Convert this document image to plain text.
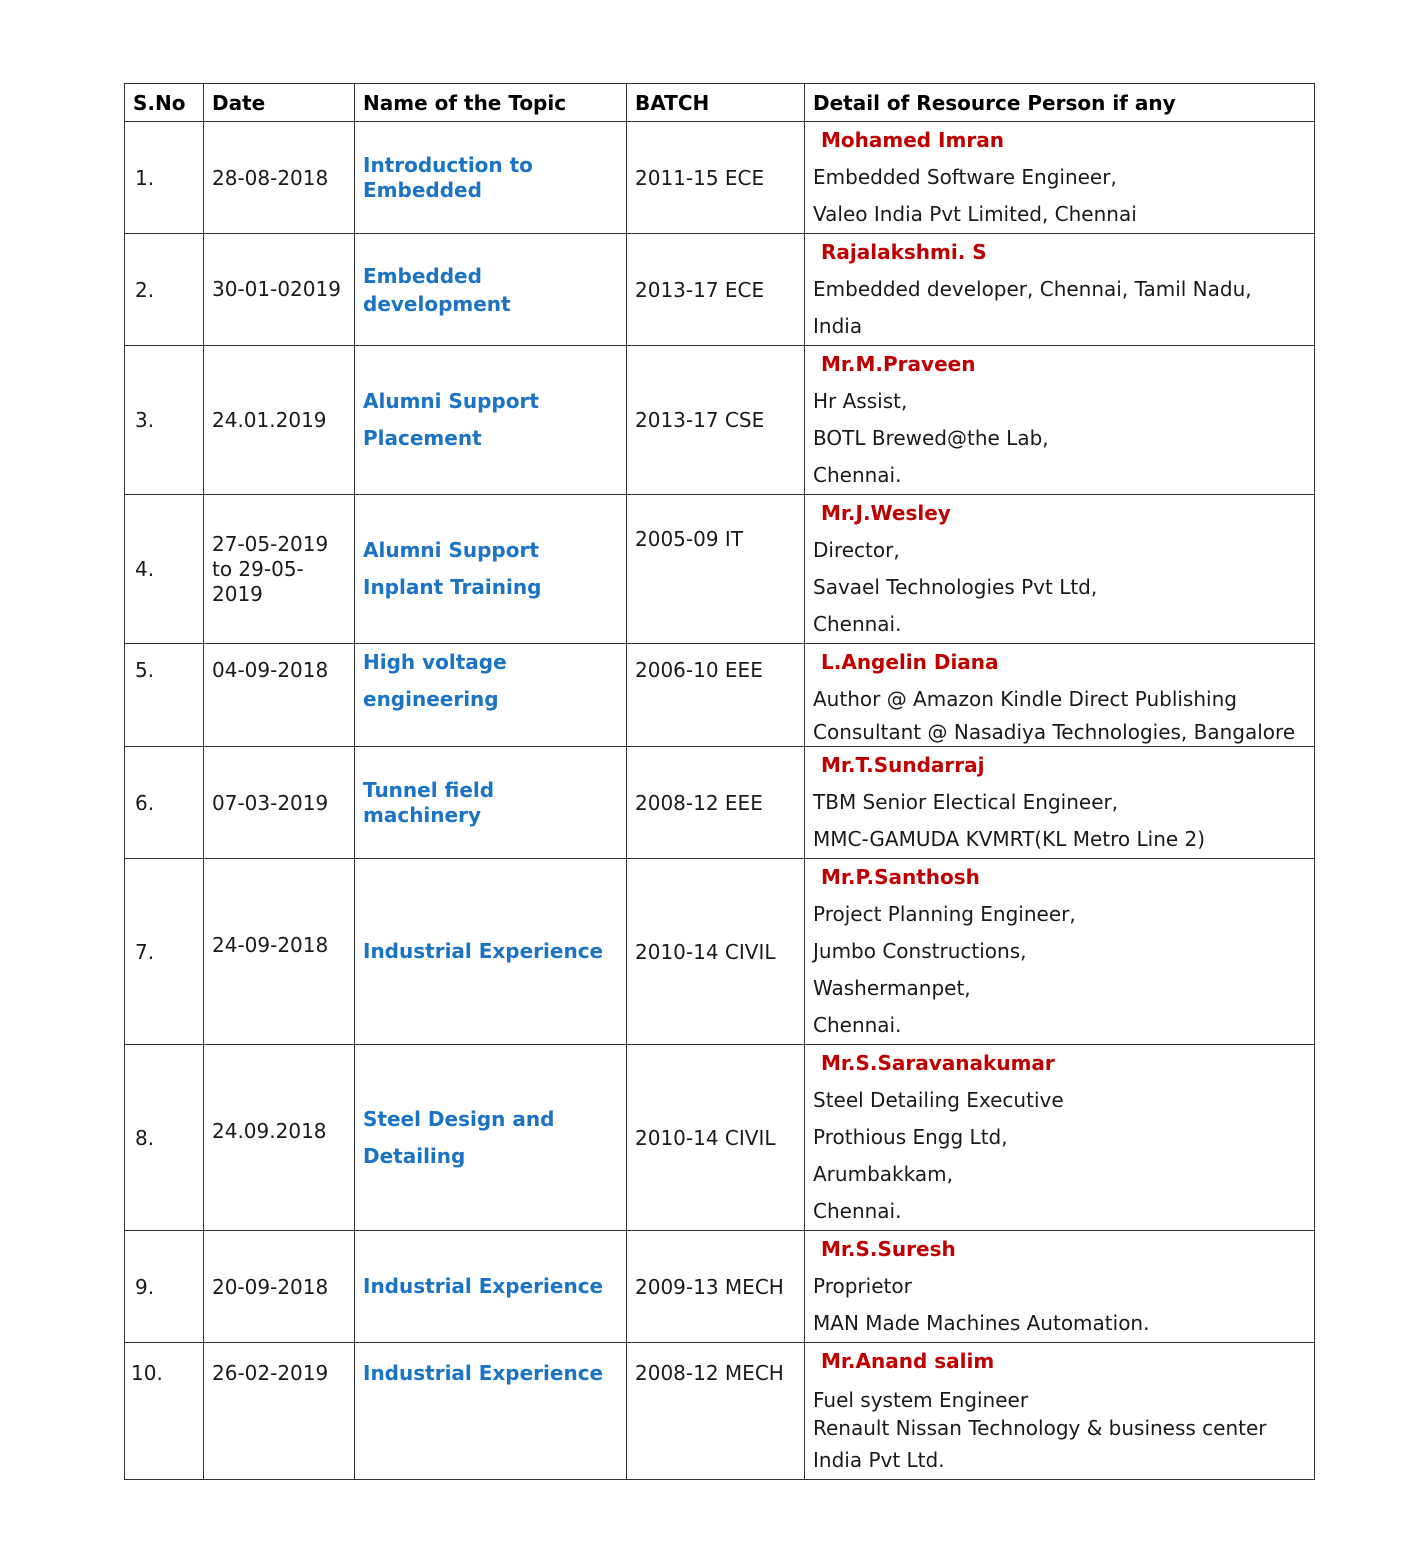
S.No	Date	Name of the Topic	BATCH	Detail of Resource Person if any
1.	28-08-2018	Introduction to Embedded	2011-15 ECE	Mohamed Imran
Embedded Software Engineer,
Valeo India Pvt Limited, Chennai

2.	30-01-02019	Embedded development	2013-17 ECE	Rajalakshmi. S
Embedded developer, Chennai, Tamil Nadu, India

3.	24.01.2019	Alumni Support Placement	2013-17 CSE	Mr.M.Praveen
Hr Assist,
BOTL Brewed@the Lab,
Chennai.

4.	27-05-2019 to 29-05-2019	Alumni Support Inplant Training	2005-09 IT	Mr.J.Wesley
Director,
Savael Technologies Pvt Ltd,
Chennai.

5.	04-09-2018	High voltage engineering	2006-10 EEE	L.Angelin Diana
Author @ Amazon Kindle Direct Publishing
Consultant @ Nasadiya Technologies, Bangalore

6.	07-03-2019	Tunnel field machinery	2008-12 EEE	Mr.T.Sundarraj
TBM Senior Electical Engineer,
MMC-GAMUDA KVMRT(KL Metro Line 2)

7.	24-09-2018	Industrial Experience	2010-14 CIVIL	Mr.P.Santhosh
Project Planning Engineer,
Jumbo Constructions,
Washermanpet,
Chennai.

8.	24.09.2018	Steel Design and Detailing	2010-14 CIVIL	Mr.S.Saravanakumar
Steel Detailing Executive
Prothious Engg Ltd,
Arumbakkam,
Chennai.

9.	20-09-2018	Industrial Experience	2009-13 MECH	Mr.S.Suresh
Proprietor
MAN Made Machines Automation.

10.	26-02-2019	Industrial Experience	2008-12 MECH	Mr.Anand salim
Fuel system Engineer
Renault Nissan Technology & business center
India Pvt Ltd.
